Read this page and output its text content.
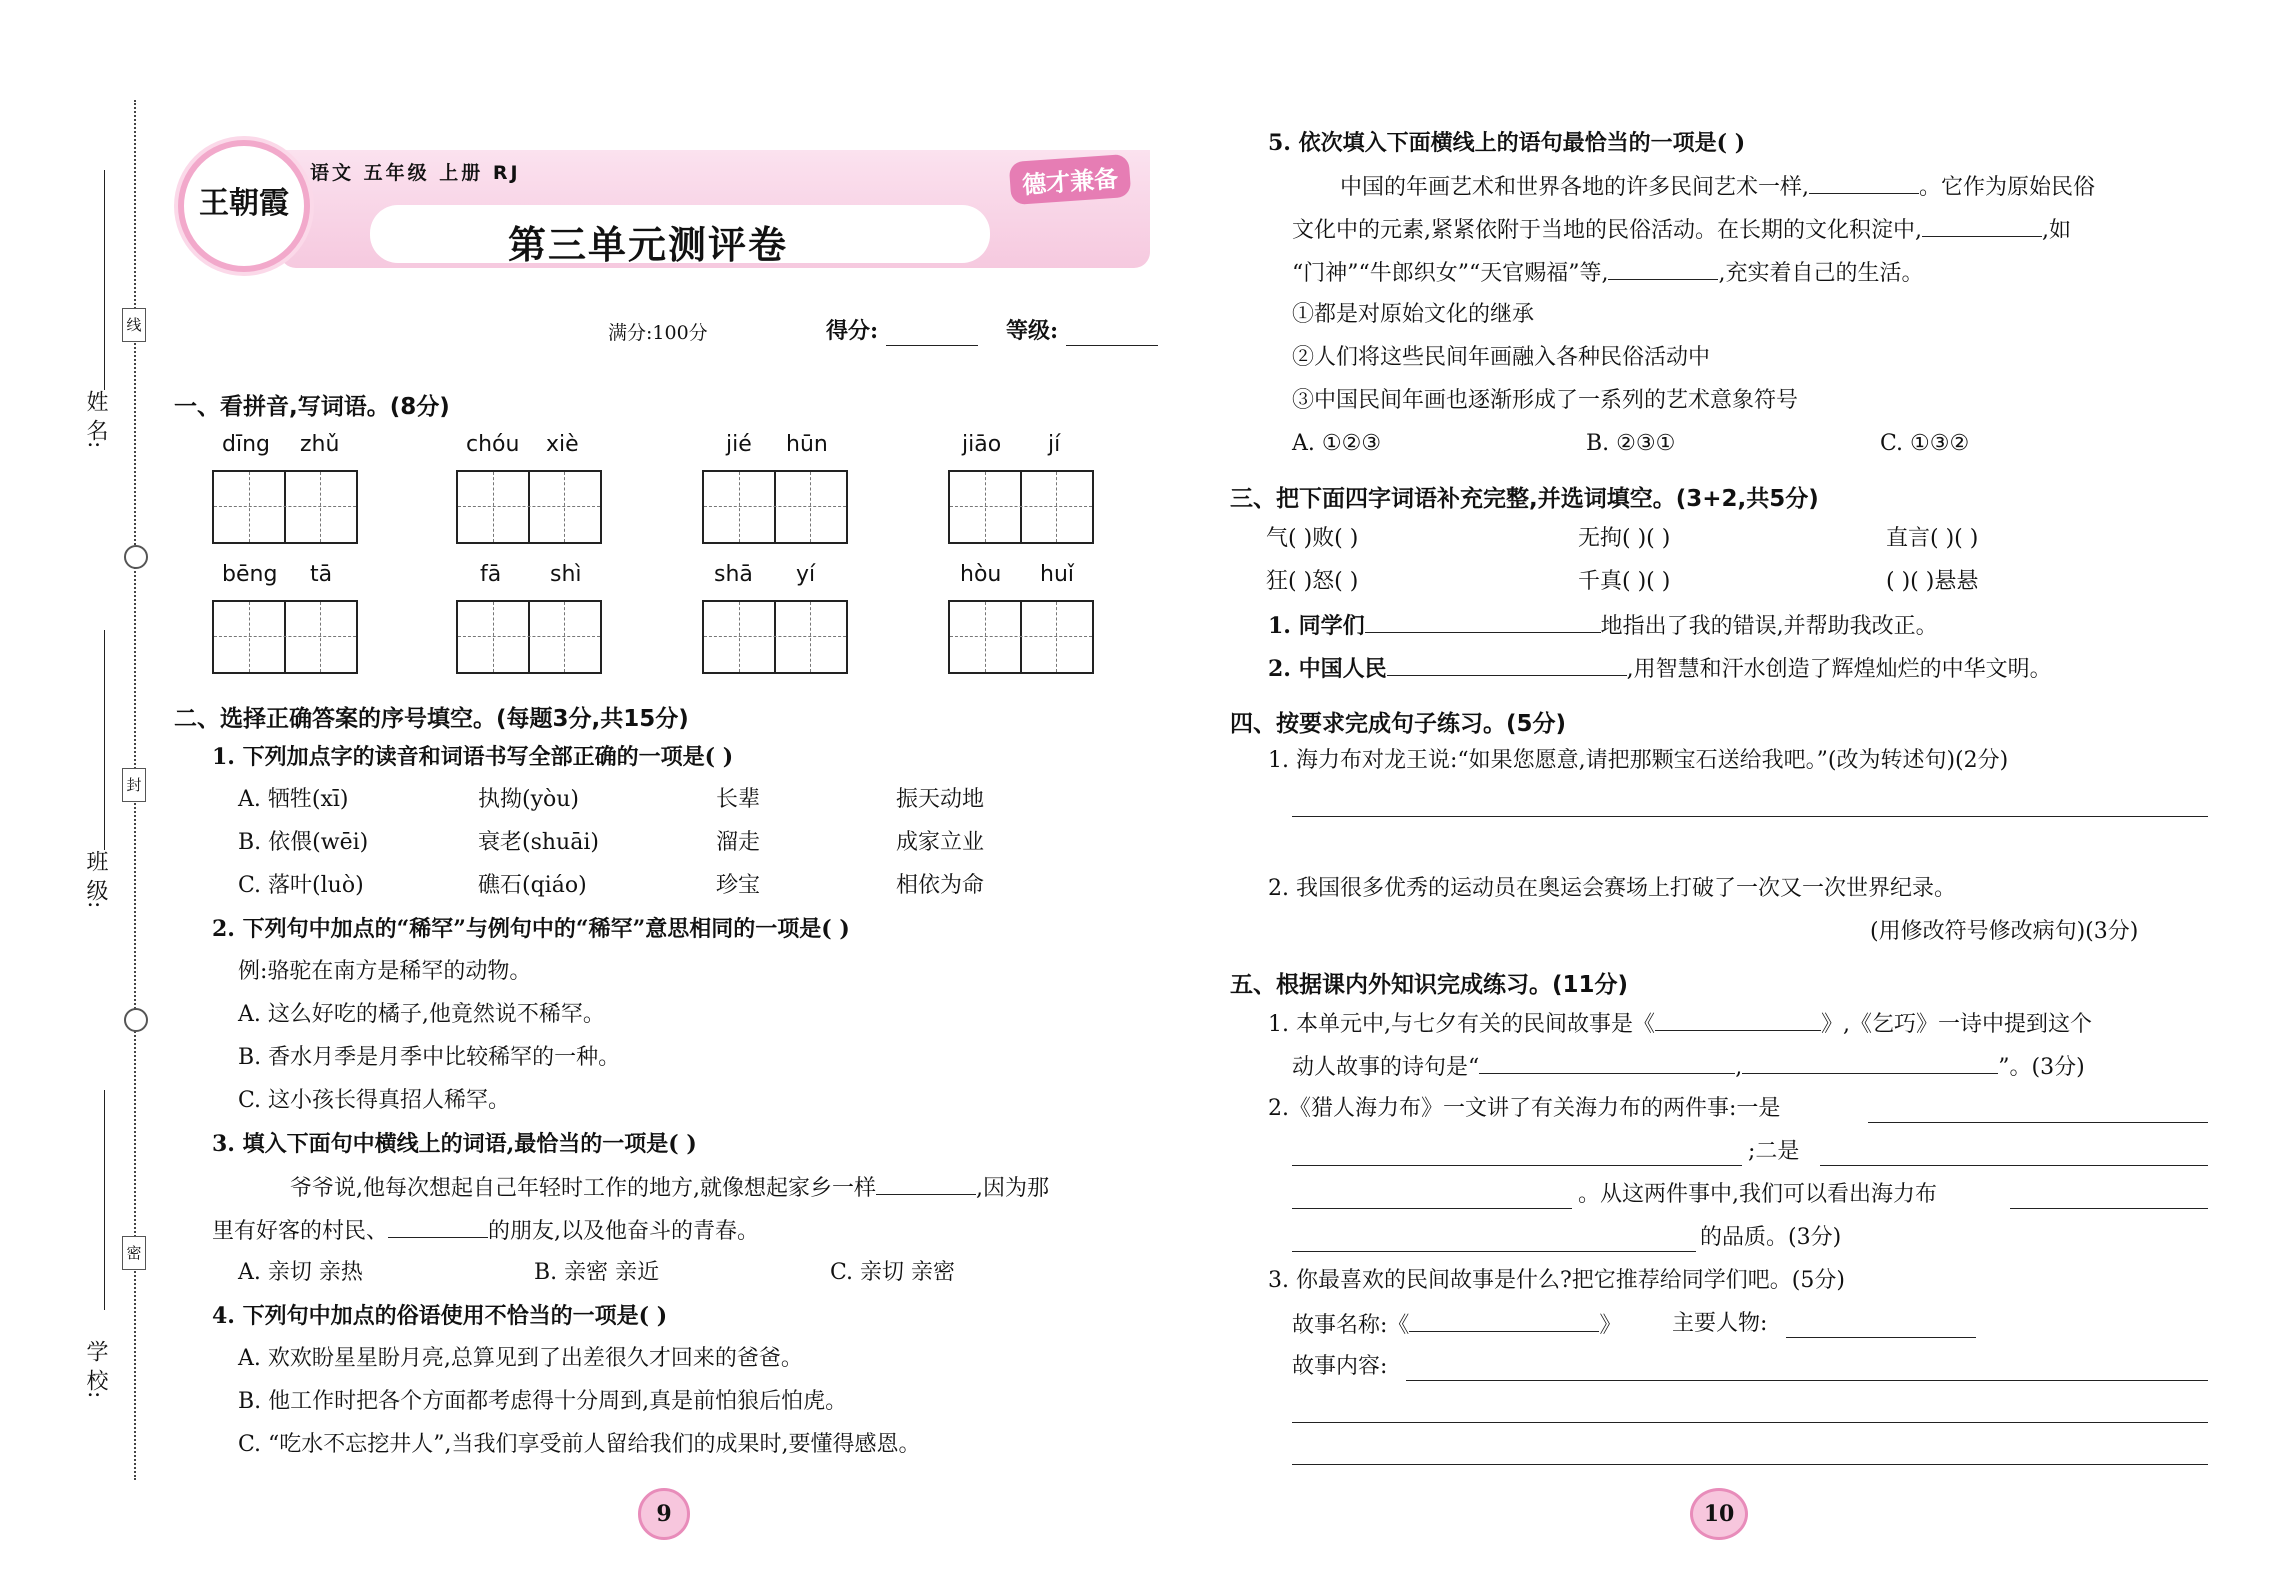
姓 名:
班 级:
学 校:
线
封
密
王朝霞
语文 五年级 上册 RJ	德才兼备
第三单元测评卷
满分:100分	得分:	等级:
一、看拼音,写词语。(8分)
dīng zhǔ	chóu xiè	jié hūn	jiāo jí
bēng tā	fā shì	shā yí	hòu huǐ
二、选择正确答案的序号填空。(每题3分,共15分)
1. 下列加点字的读音和词语书写全部正确的一项是( )
A. 牺牲(xī)	执拗(yòu)	长辈	振天动地
B. 依偎(wēi)	衰老(shuāi)	溜走	成家立业
C. 落叶(luò)	礁石(qiáo)	珍宝	相依为命
2. 下列句中加点的“稀罕”与例句中的“稀罕”意思相同的一项是( )
例:骆驼在南方是稀罕的动物。
A. 这么好吃的橘子,他竟然说不稀罕。
B. 香水月季是月季中比较稀罕的一种。
C. 这小孩长得真招人稀罕。
3. 填入下面句中横线上的词语,最恰当的一项是( )
爷爷说,他每次想起自己年轻时工作的地方,就像想起家乡一样	,因为那
里有好客的村民、	的朋友,以及他奋斗的青春。
A. 亲切 亲热	B. 亲密 亲近	C. 亲切 亲密
4. 下列句中加点的俗语使用不恰当的一项是( )
A. 欢欢盼星星盼月亮,总算见到了出差很久才回来的爸爸。
B. 他工作时把各个方面都考虑得十分周到,真是前怕狼后怕虎。
C. “吃水不忘挖井人”,当我们享受前人留给我们的成果时,要懂得感恩。
9
5. 依次填入下面横线上的语句最恰当的一项是( )
中国的年画艺术和世界各地的许多民间艺术一样,	。它作为原始民俗
文化中的元素,紧紧依附于当地的民俗活动。在长期的文化积淀中,	,如
“门神”“牛郎织女”“天官赐福”等,	,充实着自己的生活。
①都是对原始文化的继承
②人们将这些民间年画融入各种民俗活动中
③中国民间年画也逐渐形成了一系列的艺术意象符号
A. ①②③	B. ②③①	C. ①③②
三、把下面四字词语补充完整,并选词填空。(3+2,共5分)
气( )败( )	无拘( )( )	直言( )( )
狂( )怒( )	千真( )( )	( )( )悬悬
1. 同学们	地指出了我的错误,并帮助我改正。
2. 中国人民	,用智慧和汗水创造了辉煌灿烂的中华文明。
四、按要求完成句子练习。(5分)
1. 海力布对龙王说:“如果您愿意,请把那颗宝石送给我吧。”(改为转述句)(2分)
2. 我国很多优秀的运动员在奥运会赛场上打破了一次又一次世界纪录。
(用修改符号修改病句)(3分)
五、根据课内外知识完成练习。(11分)
1. 本单元中,与七夕有关的民间故事是《	》,《乞巧》一诗中提到这个
动人故事的诗句是“	,	”。(3分)
2.《猎人海力布》一文讲了有关海力布的两件事:一是
;二是
。从这两件事中,我们可以看出海力布
的品质。(3分)
3. 你最喜欢的民间故事是什么?把它推荐给同学们吧。(5分)
故事名称:《	》 主要人物:
故事内容:
10
